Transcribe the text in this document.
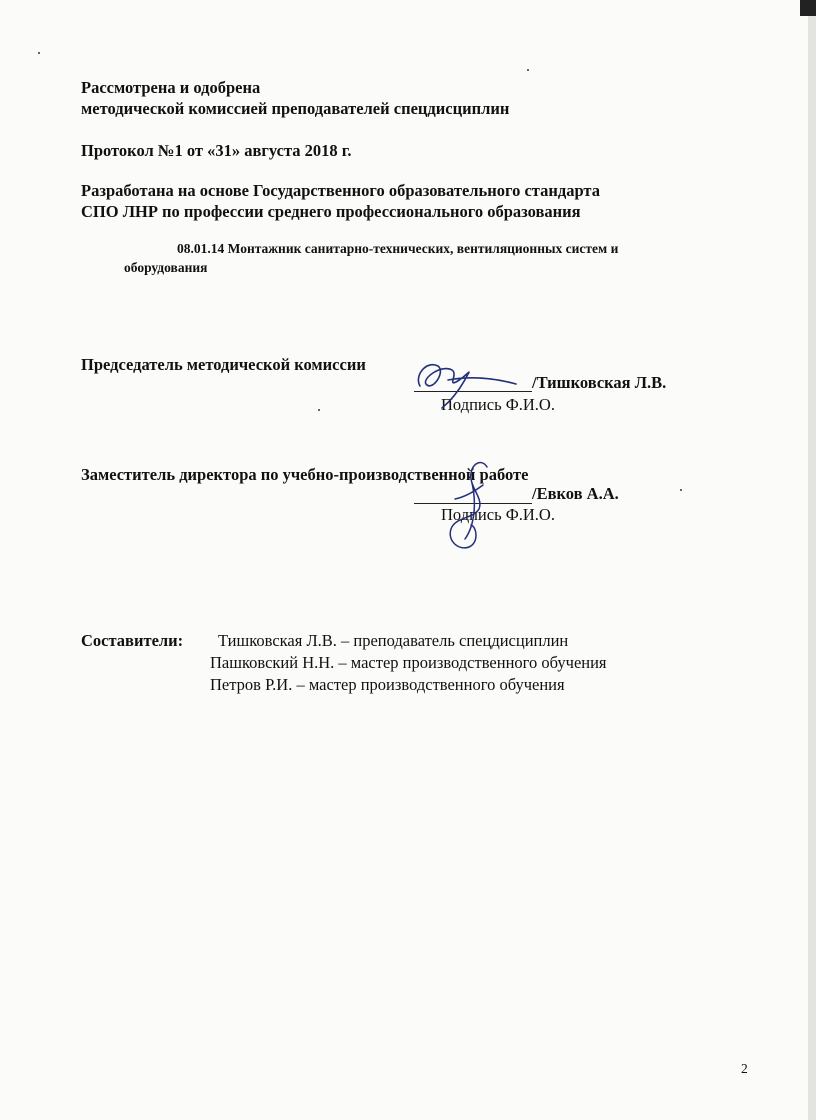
Рассмотрена и одобрена
методической комиссией преподавателей спецдисциплин
Протокол №1 от «31» августа 2018 г.
Разработана на основе Государственного образовательного стандарта
СПО ЛНР по профессии среднего профессионального образования
08.01.14 Монтажник санитарно-технических, вентиляционных систем и
оборудования
Председатель методической комиссии
/Тишковская Л.В.
Подпись Ф.И.О.
Заместитель директора по учебно-производственной работе
/Евков А.А.
Подпись Ф.И.О.
Составители: Тишковская Л.В. – преподаватель спецдисциплин
Пашковский Н.Н. – мастер производственного обучения
Петров Р.И. – мастер производственного обучения
2
